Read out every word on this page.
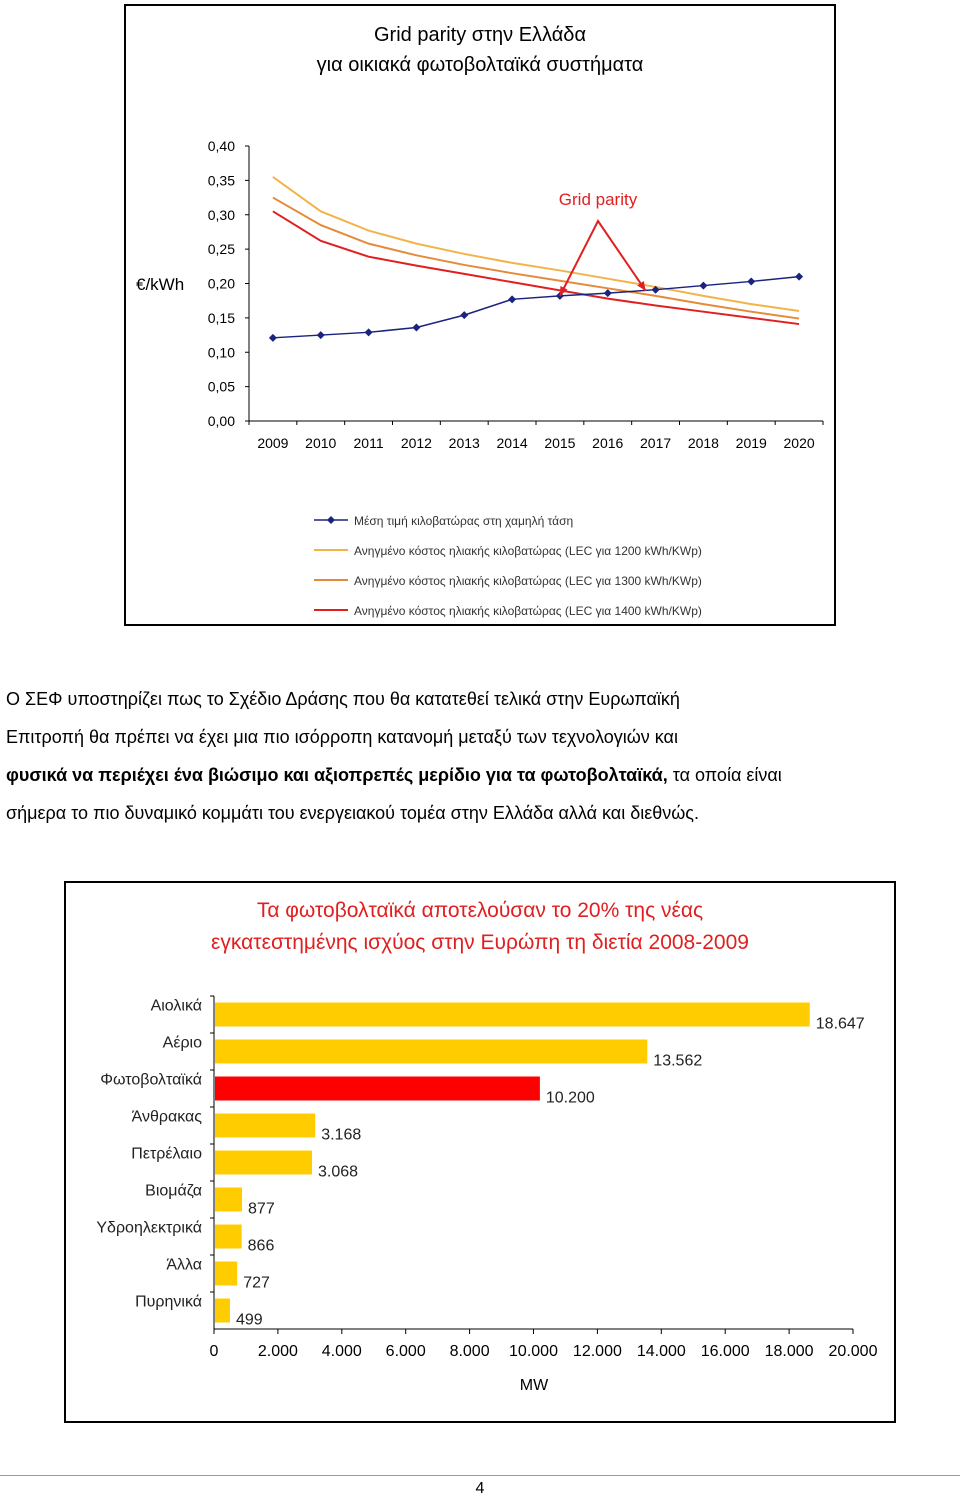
Grid parity στην Ελλάδα
για οικιακά φωτοβολταϊκά συστήματα
0,00
0,05
0,10
0,15
0,20
0,25
0,30
0,35
0,40
2009 2010 2011 2012 2013 2014 2015 2016 2017 2018 2019 2020
€/kWh
Grid parity
Μέση τιμή κιλοβατώρας στη χαμηλή τάση
Ανηγμένο κόστος ηλιακής κιλοβατώρας (LEC για 1200 kWh/KWp)
Ανηγμένο κόστος ηλιακής κιλοβατώρας (LEC για 1300 kWh/KWp)
Ανηγμένο κόστος ηλιακής κιλοβατώρας (LEC για 1400 kWh/KWp)

Ο ΣΕΦ υποστηρίζει πως το Σχέδιο Δράσης που θα κατατεθεί τελικά στην Ευρωπαϊκή

Επιτροπή θα πρέπει να έχει μια πιο ισόρροπη κατανομή μεταξύ των τεχνολογιών και

φυσικά να περιέχει ένα βιώσιμο και αξιοπρεπές μερίδιο για τα φωτοβολταϊκά, τα οποία είναι

σήμερα το πιο δυναμικό κομμάτι του ενεργειακού τομέα στην Ελλάδα αλλά και διεθνώς.

Τα φωτοβολταϊκά αποτελούσαν το 20% της νέας
εγκατεστημένης ισχύος στην Ευρώπη τη διετία 2008-2009
Αιολικά
18.647
Αέριο
13.562
Φωτοβολταϊκά
10.200
Άνθρακας
3.168
Πετρέλαιο
3.068
Βιομάζα
877
Υδροηλεκτρικά
866
Άλλα
727
Πυρηνικά
499
0 2.000 4.000 6.000 8.000 10.000 12.000 14.000 16.000 18.000 20.000
MW
4
